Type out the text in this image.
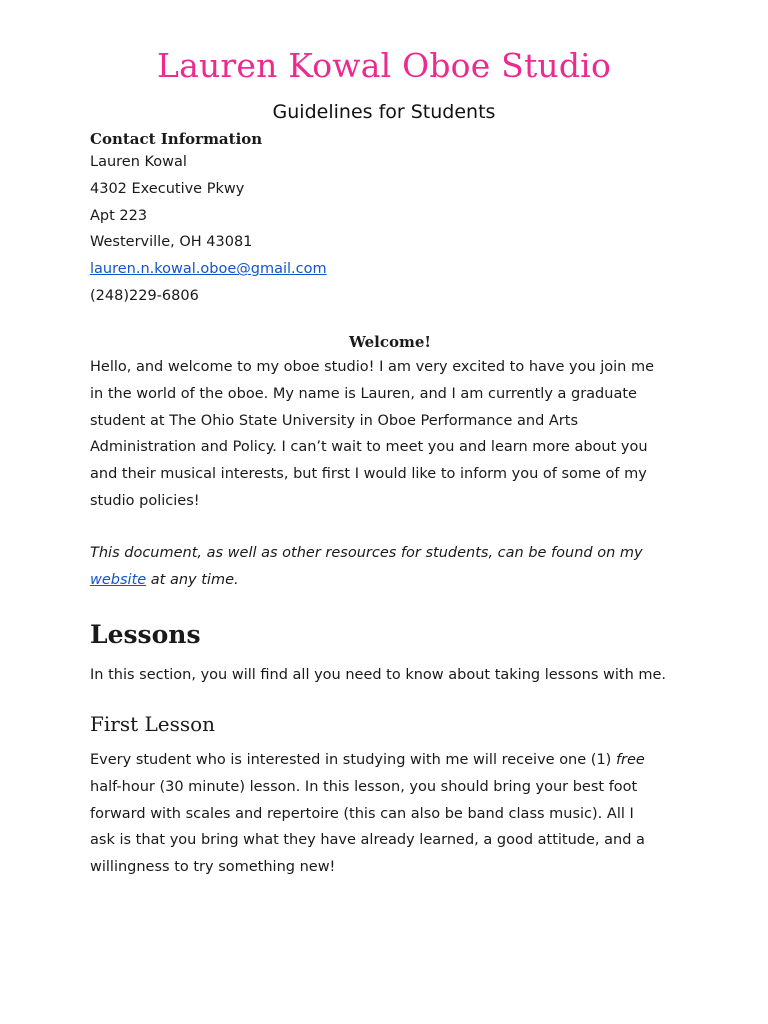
Lauren Kowal Oboe Studio
Guidelines for Students
Contact Information
Lauren Kowal
4302 Executive Pkwy
Apt 223
Westerville, OH 43081
lauren.n.kowal.oboe@gmail.com
(248)229-6806
Welcome!
Hello, and welcome to my oboe studio! I am very excited to have you join me
in the world of the oboe. My name is Lauren, and I am currently a graduate
student at The Ohio State University in Oboe Performance and Arts
Administration and Policy. I can’t wait to meet you and learn more about you
and their musical interests, but first I would like to inform you of some of my
studio policies!
This document, as well as other resources for students, can be found on my
website at any time.
Lessons
In this section, you will find all you need to know about taking lessons with me.
First Lesson
Every student who is interested in studying with me will receive one (1) free
half-hour (30 minute) lesson. In this lesson, you should bring your best foot
forward with scales and repertoire (this can also be band class music). All I
ask is that you bring what they have already learned, a good attitude, and a
willingness to try something new!
